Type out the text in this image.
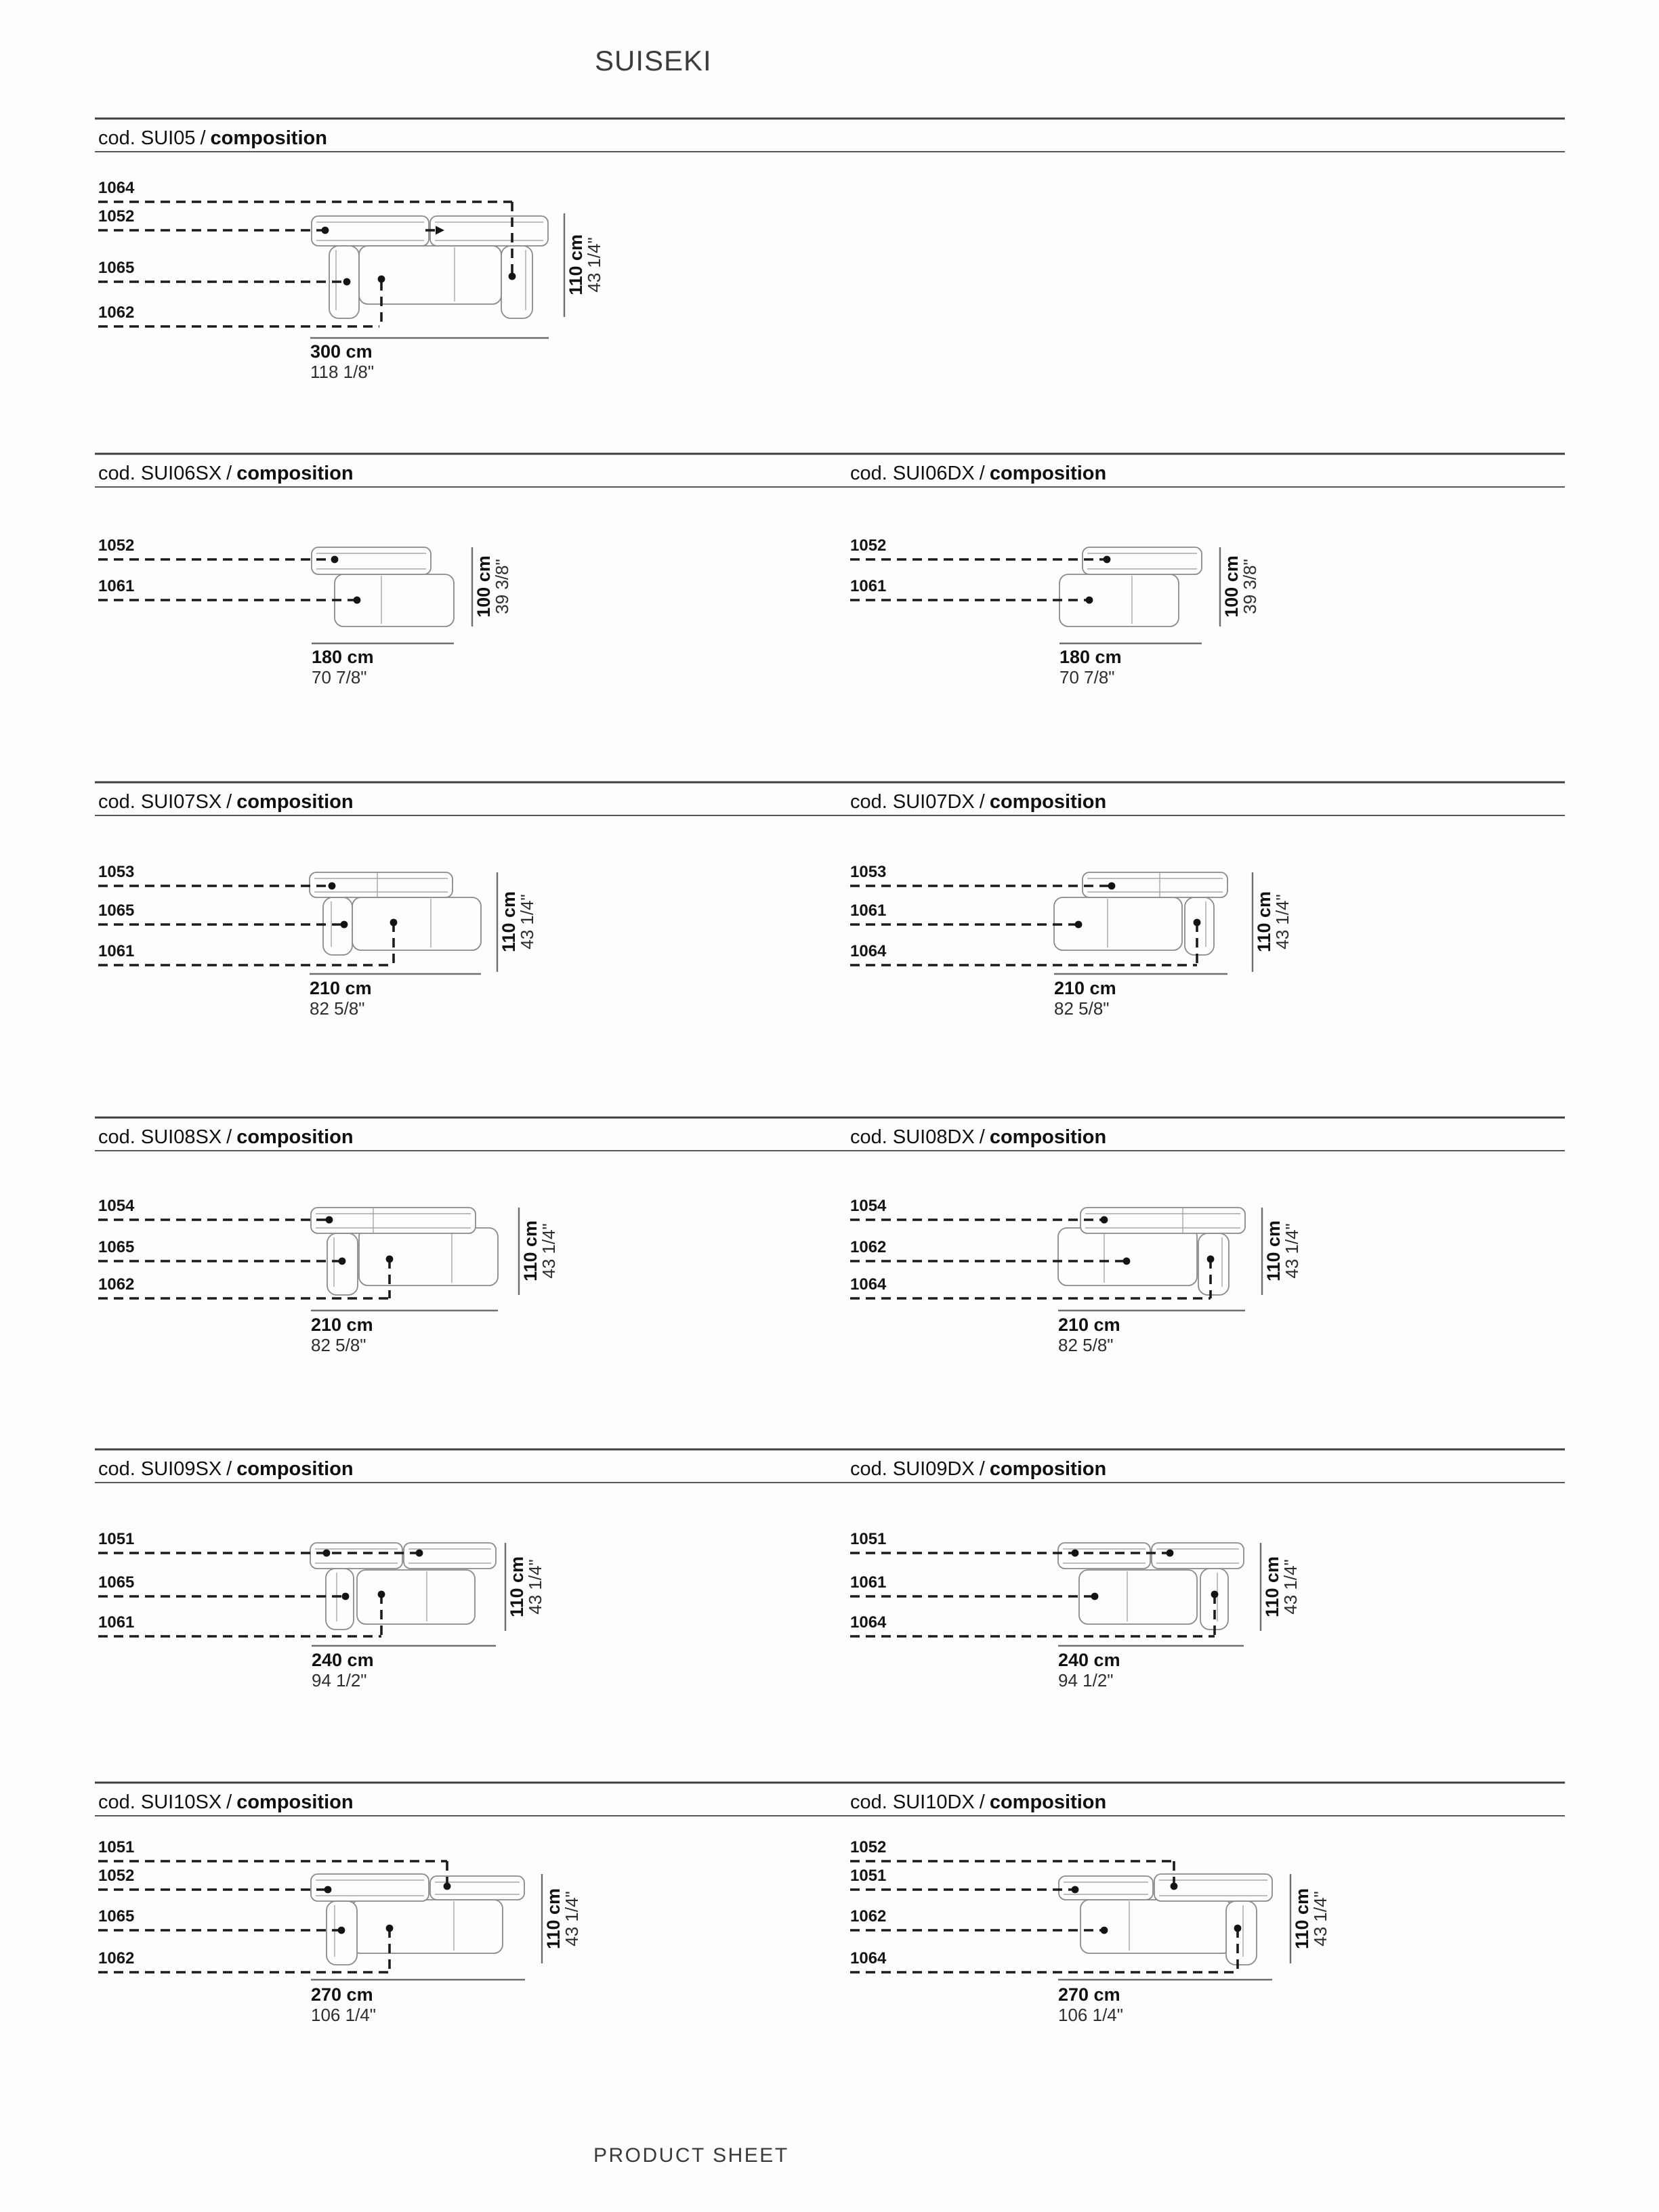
SUISEKI
cod. SUI05 / composition
1064
1052
1065
1062
300 cm
118 1/8"
110 cm
43 1/4"
cod. SUI06SX / composition
1052
1061
180 cm
70 7/8"
100 cm
39 3/8"
cod. SUI06DX / composition
1052
1061
180 cm
70 7/8"
100 cm
39 3/8"
cod. SUI07SX / composition
1053
1065
1061
210 cm
82 5/8"
110 cm
43 1/4"
cod. SUI07DX / composition
1053
1061
1064
210 cm
82 5/8"
110 cm
43 1/4"
cod. SUI08SX / composition
1054
1065
1062
210 cm
82 5/8"
110 cm
43 1/4"
cod. SUI08DX / composition
1054
1062
1064
210 cm
82 5/8"
110 cm
43 1/4"
cod. SUI09SX / composition
1051
1065
1061
240 cm
94 1/2"
110 cm
43 1/4"
cod. SUI09DX / composition
1051
1061
1064
240 cm
94 1/2"
110 cm
43 1/4"
cod. SUI10SX / composition
1051
1052
1065
1062
270 cm
106 1/4"
110 cm
43 1/4"
cod. SUI10DX / composition
1052
1051
1062
1064
270 cm
106 1/4"
110 cm
43 1/4"
PRODUCT SHEET
